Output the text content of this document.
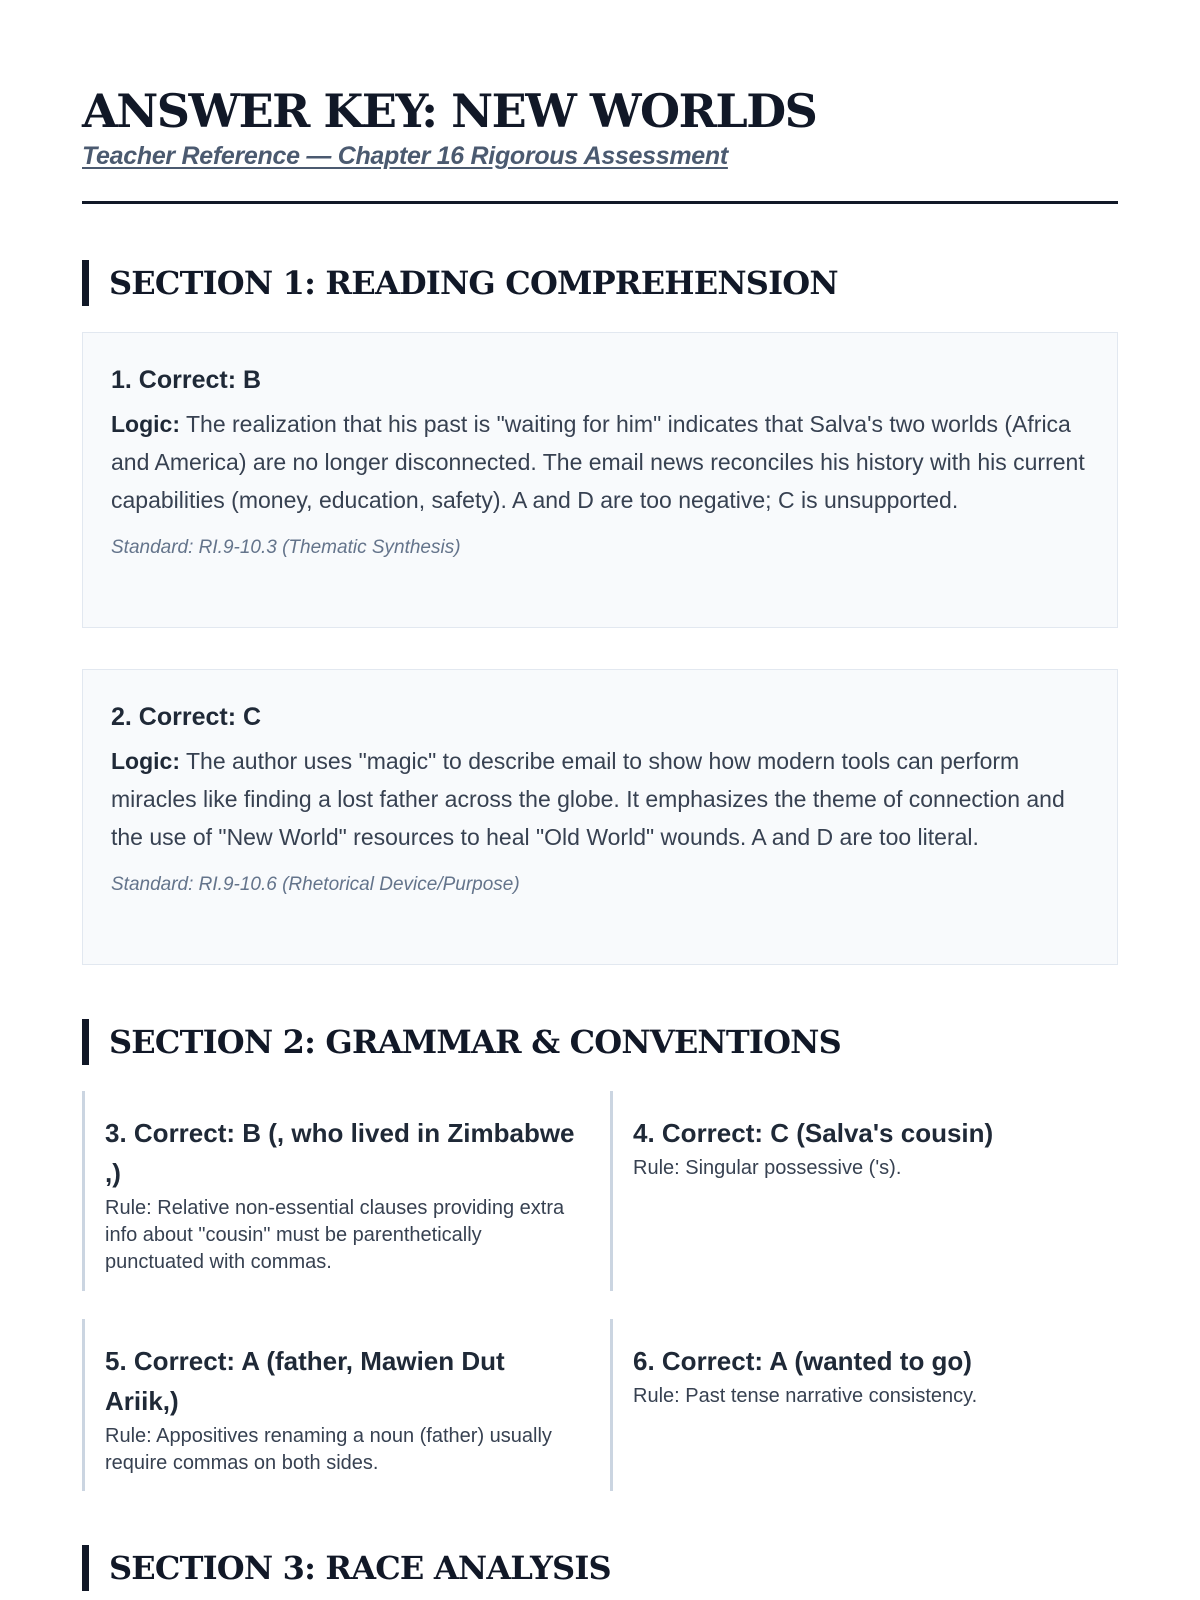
ANSWER KEY: NEW WORLDS
Teacher Reference — Chapter 16 Rigorous Assessment
SECTION 1: READING COMPREHENSION
1. Correct: B

Logic: The realization that his past is "waiting for him" indicates that Salva's two worlds (Africa and America) are no longer disconnected. The email news reconciles his history with his current capabilities (money, education, safety). A and D are too negative; C is unsupported.

Standard: RI.9-10.3 (Thematic Synthesis)
2. Correct: C

Logic: The author uses "magic" to describe email to show how modern tools can perform miracles like finding a lost father across the globe. It emphasizes the theme of connection and the use of "New World" resources to heal "Old World" wounds. A and D are too literal.

Standard: RI.9-10.6 (Rhetorical Device/Purpose)
SECTION 2: GRAMMAR & CONVENTIONS
3. Correct: B (, who lived in Zimbabwe ,)
Rule: Relative non-essential clauses providing extra info about "cousin" must be parenthetically punctuated with commas.
4. Correct: C (Salva's cousin)
Rule: Singular possessive ('s).
5. Correct: A (father, Mawien Dut Ariik,)
Rule: Appositives renaming a noun (father) usually require commas on both sides.
6. Correct: A (wanted to go)
Rule: Past tense narrative consistency.
SECTION 3: RACE ANALYSIS
